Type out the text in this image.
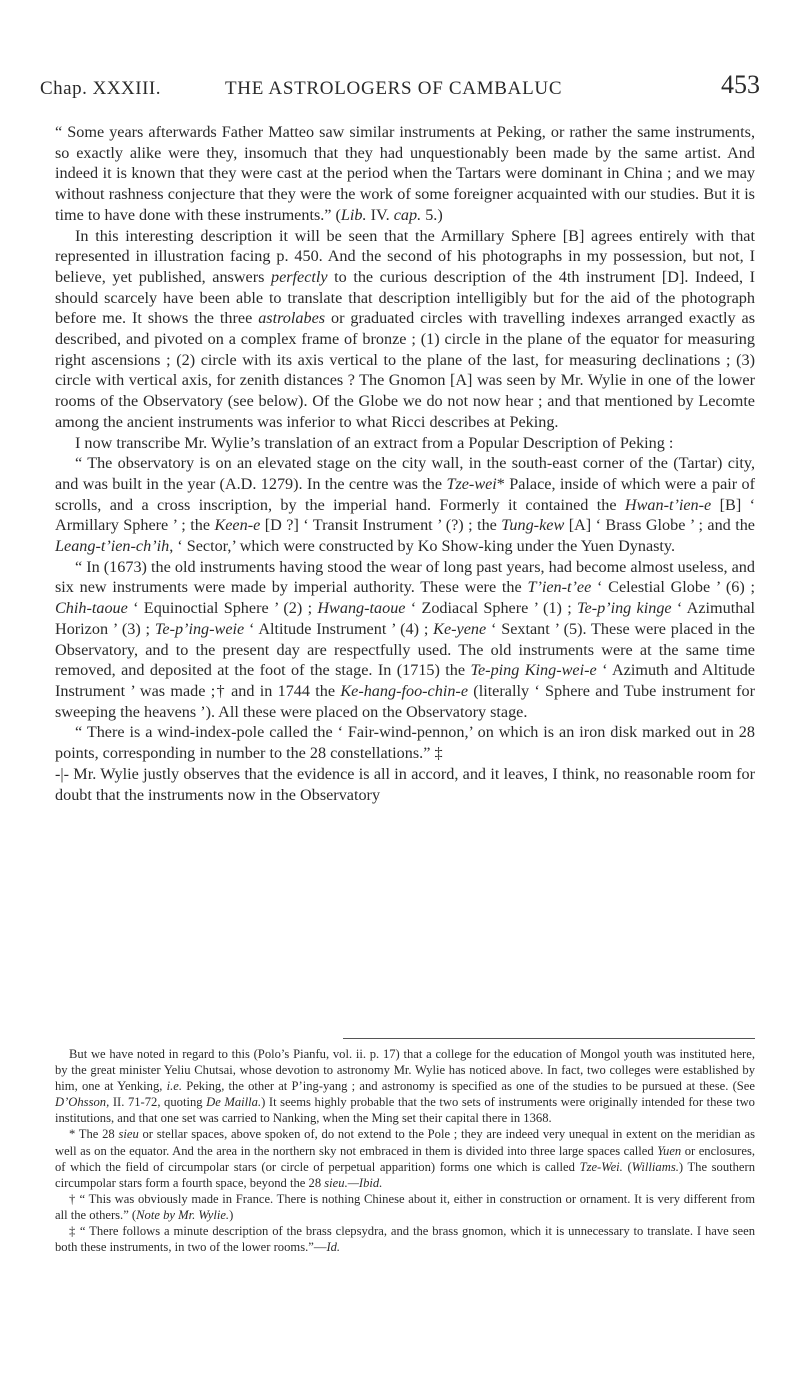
Chap. XXXIII.	THE ASTROLOGERS OF CAMBALUC	453

“ Some years afterwards Father Matteo saw similar instruments at Peking, or rather the same instruments, so exactly alike were they, insomuch that they had unquestionably been made by the same artist. And indeed it is known that they were cast at the period when the Tartars were dominant in China ; and we may without rashness conjecture that they were the work of some foreigner acquainted with our studies. But it is time to have done with these instruments.” (Lib. IV. cap. 5.)

In this interesting description it will be seen that the Armillary Sphere [B] agrees entirely with that represented in illustration facing p. 450. And the second of his photographs in my possession, but not, I believe, yet published, answers perfectly to the curious description of the 4th instrument [D]. Indeed, I should scarcely have been able to translate that description intelligibly but for the aid of the photograph before me. It shows the three astrolabes or graduated circles with travelling indexes arranged exactly as described, and pivoted on a complex frame of bronze ; (1) circle in the plane of the equator for measuring right ascensions ; (2) circle with its axis vertical to the plane of the last, for measuring declinations ; (3) circle with vertical axis, for zenith distances ? The Gnomon [A] was seen by Mr. Wylie in one of the lower rooms of the Observatory (see below). Of the Globe we do not now hear ; and that mentioned by Lecomte among the ancient instruments was inferior to what Ricci describes at Peking.

I now transcribe Mr. Wylie’s translation of an extract from a Popular Description of Peking :

“ The observatory is on an elevated stage on the city wall, in the south-east corner of the (Tartar) city, and was built in the year (A.D. 1279). In the centre was the Tze-wei* Palace, inside of which were a pair of scrolls, and a cross inscription, by the imperial hand. Formerly it contained the Hwan-t’ien-e [B] ‘ Armillary Sphere ’ ; the Keen-e [D ?] ‘ Transit Instrument ’ (?) ; the Tung-kew [A] ‘ Brass Globe ’ ; and the Leang-t’ien-ch’ih, ‘ Sector,’ which were constructed by Ko Show-king under the Yuen Dynasty.

“ In (1673) the old instruments having stood the wear of long past years, had become almost useless, and six new instruments were made by imperial authority. These were the T’ien-t’ee ‘ Celestial Globe ’ (6) ; Chih-taoue ‘ Equinoctial Sphere ’ (2) ; Hwang-taoue ‘ Zodiacal Sphere ’ (1) ; Te-p’ing kinge ‘ Azimuthal Horizon ’ (3) ; Te-p’ing-weie ‘ Altitude Instrument ’ (4) ; Ke-yene ‘ Sextant ’ (5). These were placed in the Observatory, and to the present day are respectfully used. The old instruments were at the same time removed, and deposited at the foot of the stage. In (1715) the Te-ping King-wei-e ‘ Azimuth and Altitude Instrument ’ was made ;† and in 1744 the Ke-hang-foo-chin-e (literally ‘ Sphere and Tube instrument for sweeping the heavens ’). All these were placed on the Observatory stage.

“ There is a wind-index-pole called the ‘ Fair-wind-pennon,’ on which is an iron disk marked out in 28 points, corresponding in number to the 28 constellations.” ‡

-|- Mr. Wylie justly observes that the evidence is all in accord, and it leaves, I think, no reasonable room for doubt that the instruments now in the Observatory

But we have noted in regard to this (Polo’s Pianfu, vol. ii. p. 17) that a college for the education of Mongol youth was instituted here, by the great minister Yeliu Chutsai, whose devotion to astronomy Mr. Wylie has noticed above. In fact, two colleges were established by him, one at Yenking, i.e. Peking, the other at P’ing-yang ; and astronomy is specified as one of the studies to be pursued at these. (See D’Ohsson, II. 71-72, quoting De Mailla.) It seems highly probable that the two sets of instruments were originally intended for these two institutions, and that one set was carried to Nanking, when the Ming set their capital there in 1368.

* The 28 sieu or stellar spaces, above spoken of, do not extend to the Pole ; they are indeed very unequal in extent on the meridian as well as on the equator. And the area in the northern sky not embraced in them is divided into three large spaces called Yuen or enclosures, of which the field of circumpolar stars (or circle of perpetual apparition) forms one which is called Tze-Wei. (Williams.) The southern circumpolar stars form a fourth space, beyond the 28 sieu.—Ibid.

† “ This was obviously made in France. There is nothing Chinese about it, either in construction or ornament. It is very different from all the others.” (Note by Mr. Wylie.)

‡ “ There follows a minute description of the brass clepsydra, and the brass gnomon, which it is unnecessary to translate. I have seen both these instruments, in two of the lower rooms.”—Id.
